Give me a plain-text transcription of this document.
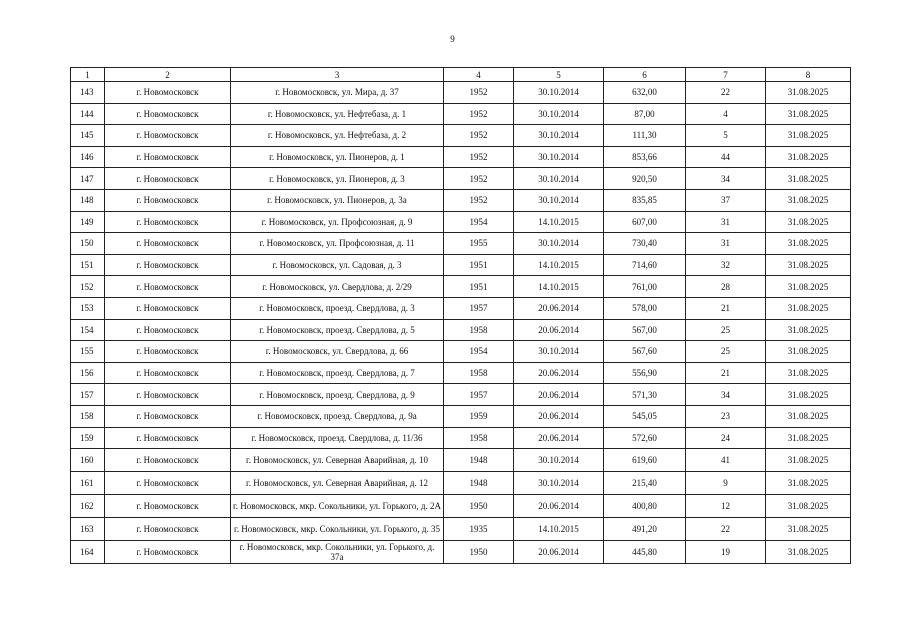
9
1	2	3	4	5	6	7	8
143	г. Новомосковск	г. Новомосковск, ул. Мира, д. 37	1952	30.10.2014	632,00	22	31.08.2025
144	г. Новомосковск	г. Новомосковск, ул. Нефтебаза, д. 1	1952	30.10.2014	87,00	4	31.08.2025
145	г. Новомосковск	г. Новомосковск, ул. Нефтебаза, д. 2	1952	30.10.2014	111,30	5	31.08.2025
146	г. Новомосковск	г. Новомосковск, ул. Пионеров, д. 1	1952	30.10.2014	853,66	44	31.08.2025
147	г. Новомосковск	г. Новомосковск, ул. Пионеров, д. 3	1952	30.10.2014	920,50	34	31.08.2025
148	г. Новомосковск	г. Новомосковск, ул. Пионеров, д. 3а	1952	30.10.2014	835,85	37	31.08.2025
149	г. Новомосковск	г. Новомосковск, ул. Профсоюзная, д. 9	1954	14.10.2015	607,00	31	31.08.2025
150	г. Новомосковск	г. Новомосковск, ул. Профсоюзная, д. 11	1955	30.10.2014	730,40	31	31.08.2025
151	г. Новомосковск	г. Новомосковск, ул. Садовая, д. 3	1951	14.10.2015	714,60	32	31.08.2025
152	г. Новомосковск	г. Новомосковск, ул. Свердлова, д. 2/29	1951	14.10.2015	761,00	28	31.08.2025
153	г. Новомосковск	г. Новомосковск, проезд. Свердлова, д. 3	1957	20.06.2014	578,00	21	31.08.2025
154	г. Новомосковск	г. Новомосковск, проезд. Свердлова, д. 5	1958	20.06.2014	567,00	25	31.08.2025
155	г. Новомосковск	г. Новомосковск, ул. Свердлова, д. 66	1954	30.10.2014	567,60	25	31.08.2025
156	г. Новомосковск	г. Новомосковск, проезд. Свердлова, д. 7	1958	20.06.2014	556,90	21	31.08.2025
157	г. Новомосковск	г. Новомосковск, проезд. Свердлова, д. 9	1957	20.06.2014	571,30	34	31.08.2025
158	г. Новомосковск	г. Новомосковск, проезд. Свердлова, д. 9а	1959	20.06.2014	545,05	23	31.08.2025
159	г. Новомосковск	г. Новомосковск, проезд. Свердлова, д. 11/36	1958	20.06.2014	572,60	24	31.08.2025
160	г. Новомосковск	г. Новомосковск, ул. Северная Аварийная, д. 10	1948	30.10.2014	619,60	41	31.08.2025
161	г. Новомосковск	г. Новомосковск, ул. Северная Аварийная, д. 12	1948	30.10.2014	215,40	9	31.08.2025
162	г. Новомосковск	г. Новомосковск, мкр. Сокольники, ул. Горького, д. 2А	1950	20.06.2014	400,80	12	31.08.2025
163	г. Новомосковск	г. Новомосковск, мкр. Сокольники, ул. Горького, д. 35	1935	14.10.2015	491,20	22	31.08.2025
164	г. Новомосковск	г. Новомосковск, мкр. Сокольники, ул. Горького, д. 37а	1950	20.06.2014	445,80	19	31.08.2025
